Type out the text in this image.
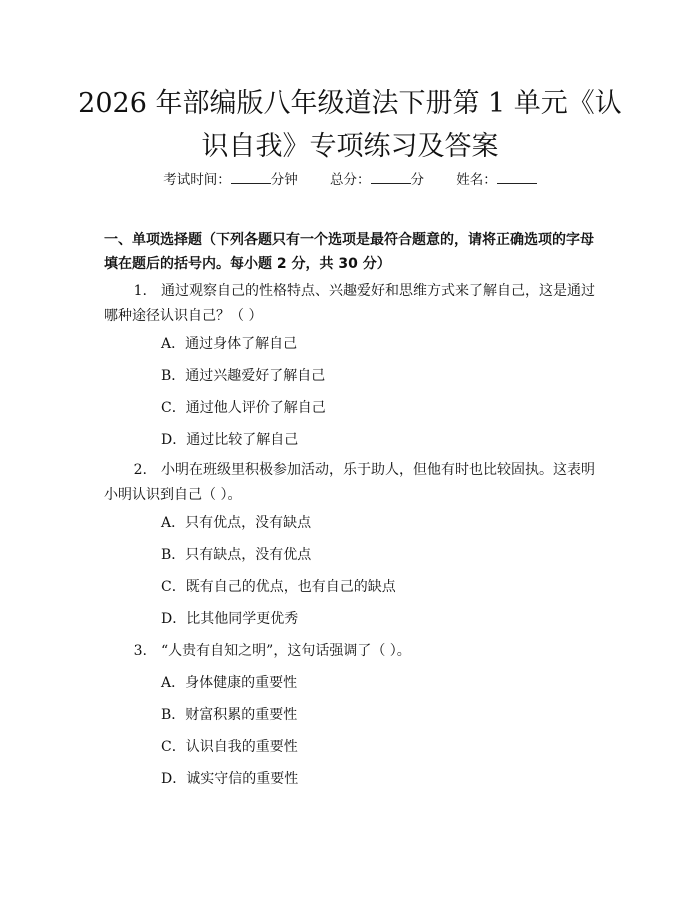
2026 年部编版八年级道法下册第 1 单元《认
识自我》专项练习及答案
考试时间：	分钟 总分：	分 姓名：

一、单项选择题（下列各题只有一个选项是最符合题意的，请将正确选项的字母填在题后的括号内。每小题 2 分，共 30 分）

1. 通过观察自己的性格特点、兴趣爱好和思维方式来了解自己，这是通过哪种途径认识自己？（ ）

A．通过身体了解自己

B．通过兴趣爱好了解自己

C．通过他人评价了解自己

D．通过比较了解自己

2. 小明在班级里积极参加活动，乐于助人，但他有时也比较固执。这表明小明认识到自己（ ）。

A．只有优点，没有缺点

B．只有缺点，没有优点

C．既有自己的优点，也有自己的缺点

D．比其他同学更优秀

3. “人贵有自知之明”，这句话强调了（ ）。

A．身体健康的重要性

B．财富积累的重要性

C．认识自我的重要性

D．诚实守信的重要性
